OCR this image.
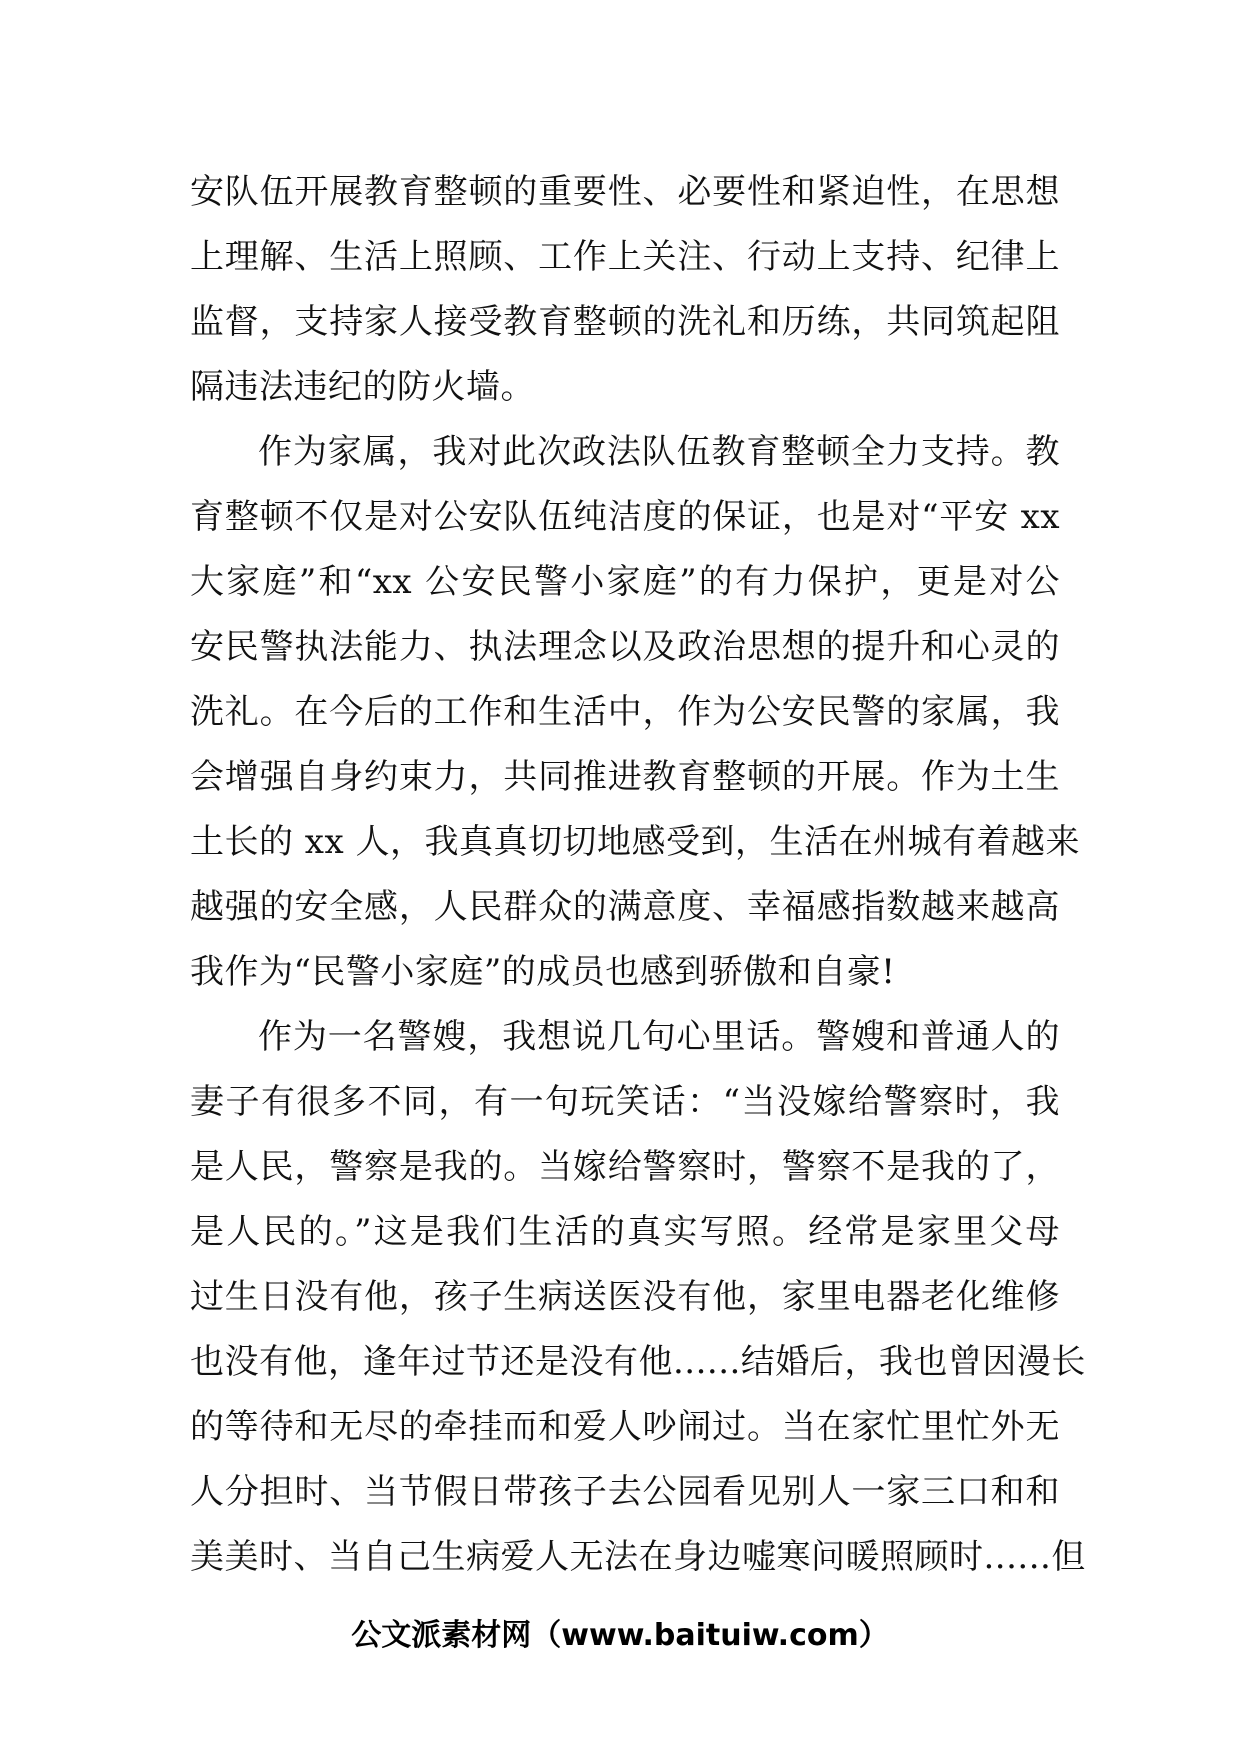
安队伍开展教育整顿的重要性、必要性和紧迫性，在思想
上理解、生活上照顾、工作上关注、行动上支持、纪律上
监督，支持家人接受教育整顿的洗礼和历练，共同筑起阻
隔违法违纪的防火墙。
作为家属，我对此次政法队伍教育整顿全力支持。教
育整顿不仅是对公安队伍纯洁度的保证，也是对“平安 xx
大家庭”和“xx 公安民警小家庭”的有力保护，更是对公
安民警执法能力、执法理念以及政治思想的提升和心灵的
洗礼。在今后的工作和生活中，作为公安民警的家属，我
会增强自身约束力，共同推进教育整顿的开展。作为土生
土长的 xx 人，我真真切切地感受到，生活在州城有着越来
越强的安全感，人民群众的满意度、幸福感指数越来越高
我作为“民警小家庭”的成员也感到骄傲和自豪!
作为一名警嫂，我想说几句心里话。警嫂和普通人的
妻子有很多不同，有一句玩笑话：“当没嫁给警察时，我
是人民，警察是我的。当嫁给警察时，警察不是我的了，
是人民的。”这是我们生活的真实写照。经常是家里父母
过生日没有他，孩子生病送医没有他，家里电器老化维修
也没有他，逢年过节还是没有他......结婚后，我也曾因漫长
的等待和无尽的牵挂而和爱人吵闹过。当在家忙里忙外无
人分担时、当节假日带孩子去公园看见别人一家三口和和
美美时、当自己生病爱人无法在身边嘘寒问暖照顾时......但
公文派素材网（www.baituiw.com）
